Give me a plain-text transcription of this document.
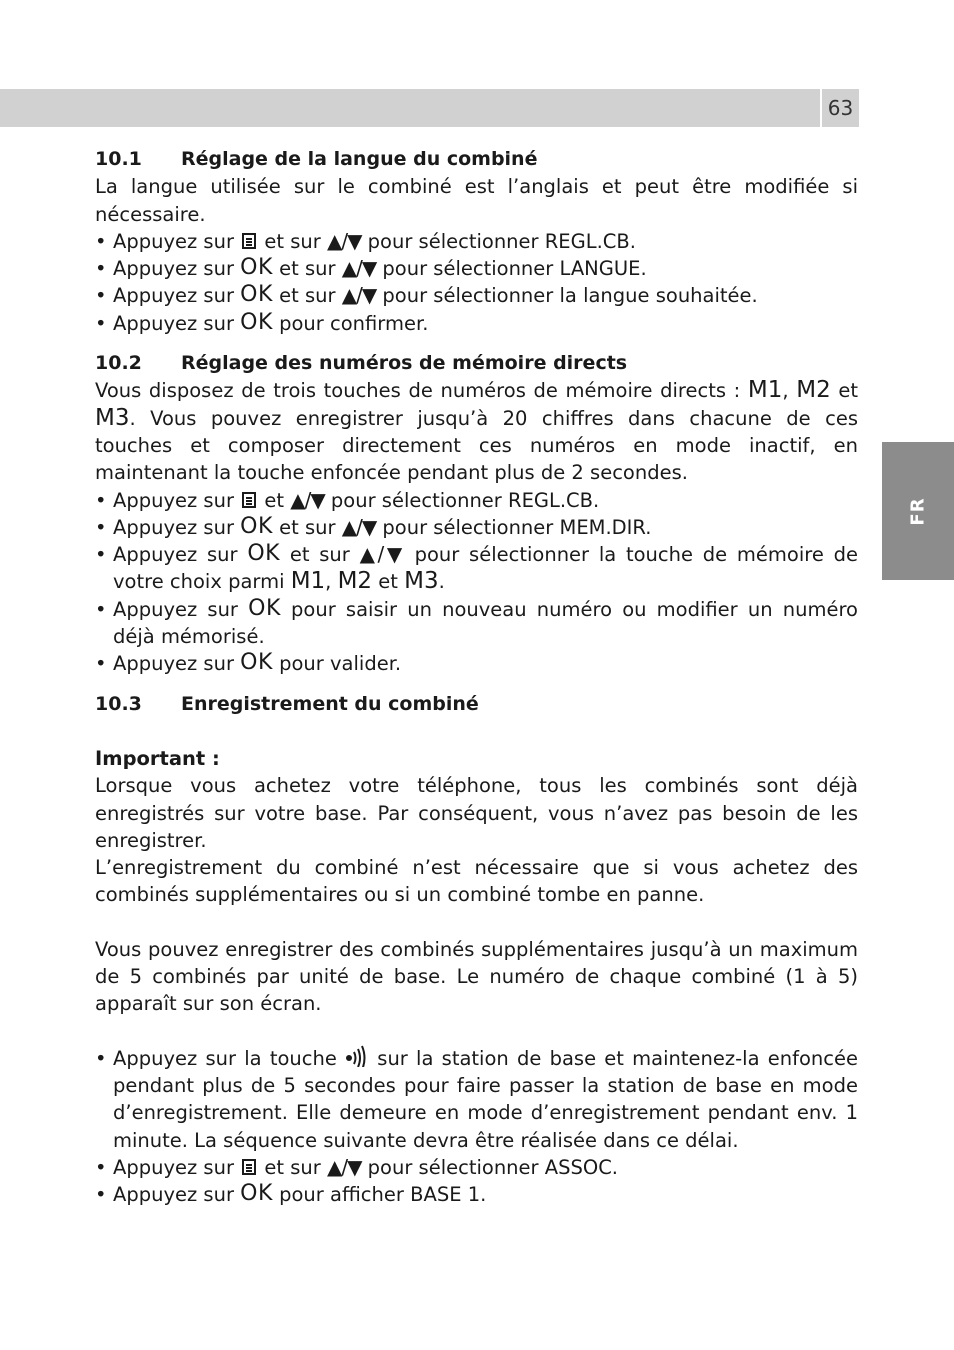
63
FR
10.1 Réglage de la langue du combiné

La langue utilisée sur le combiné est l’anglais et peut être modifiée si nécessaire.

• Appuyez sur  et sur ▲/▼ pour sélectionner REGL.CB.
• Appuyez sur OK et sur ▲/▼ pour sélectionner LANGUE.
• Appuyez sur OK et sur ▲/▼ pour sélectionner la langue souhaitée.
• Appuyez sur OK pour confirmer.
10.2 Réglage des numéros de mémoire directs

Vous disposez de trois touches de numéros de mémoire directs : M1, M2 et M3. Vous pouvez enregistrer jusqu’à 20 chiffres dans chacune de ces touches et composer directement ces numéros en mode inactif, en maintenant la touche enfoncée pendant plus de 2 secondes.

• Appuyez sur  et ▲/▼ pour sélectionner REGL.CB.
• Appuyez sur OK et sur ▲/▼ pour sélectionner MEM.DIR.
• Appuyez sur OK et sur ▲/▼ pour sélectionner la touche de mémoire de votre choix parmi M1, M2 et M3.
• Appuyez sur OK pour saisir un nouveau numéro ou modifier un numéro déjà mémorisé.
• Appuyez sur OK pour valider.
10.3 Enregistrement du combiné

Important :

Lorsque vous achetez votre téléphone, tous les combinés sont déjà enregistrés sur votre base. Par conséquent, vous n’avez pas besoin de les enregistrer.

L’enregistrement du combiné n’est nécessaire que si vous achetez des combinés supplémentaires ou si un combiné tombe en panne.

Vous pouvez enregistrer des combinés supplémentaires jusqu’à un maximum de 5 combinés par unité de base. Le numéro de chaque combiné (1 à 5) apparaît sur son écran.

• Appuyez sur la touche  sur la station de base et maintenez-la enfoncée pendant plus de 5 secondes pour faire passer la station de base en mode d’enregistrement. Elle demeure en mode d’enregistrement pendant env. 1 minute. La séquence suivante devra être réalisée dans ce délai.
• Appuyez sur  et sur ▲/▼ pour sélectionner ASSOC.
• Appuyez sur OK pour afficher BASE 1.
